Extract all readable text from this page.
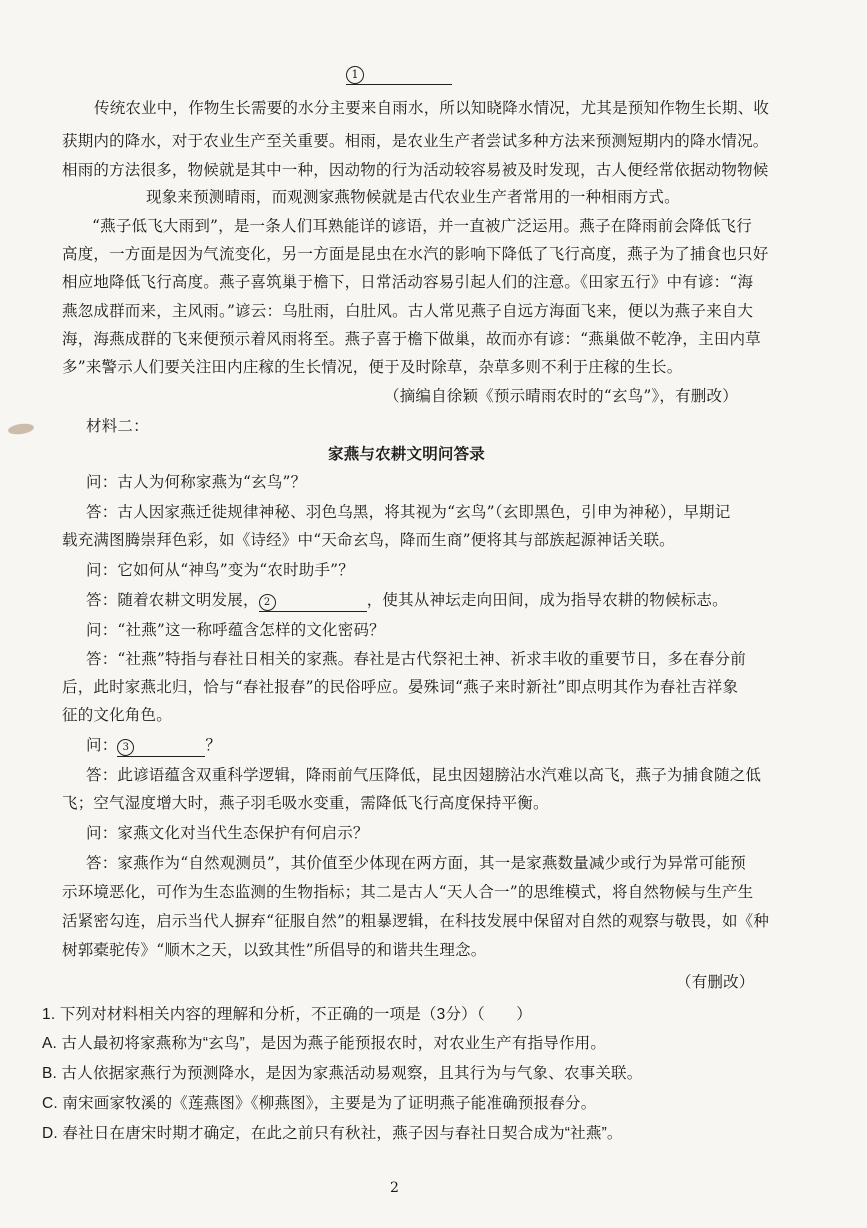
1
传统农业中，作物生长需要的水分主要来自雨水，所以知晓降水情况，尤其是预知作物生长期、收
获期内的降水，对于农业生产至关重要。相雨，是农业生产者尝试多种方法来预测短期内的降水情况。
相雨的方法很多，物候就是其中一种，因动物的行为活动较容易被及时发现，古人便经常依据动物物候
现象来预测晴雨，而观测家燕物候就是古代农业生产者常用的一种相雨方式。
“燕子低飞大雨到”，是一条人们耳熟能详的谚语，并一直被广泛运用。燕子在降雨前会降低飞行
高度，一方面是因为气流变化，另一方面是昆虫在水汽的影响下降低了飞行高度，燕子为了捕食也只好
相应地降低飞行高度。燕子喜筑巢于檐下，日常活动容易引起人们的注意。《田家五行》中有谚：“海
燕忽成群而来，主风雨。”谚云：乌肚雨，白肚风。古人常见燕子自远方海面飞来，便以为燕子来自大
海，海燕成群的飞来便预示着风雨将至。燕子喜于檐下做巢，故而亦有谚：“燕巢做不乾净，主田内草
多”来警示人们要关注田内庄稼的生长情况，便于及时除草，杂草多则不利于庄稼的生长。
（摘编自徐颖《预示晴雨农时的“玄鸟”》，有删改）
材料二：
家燕与农耕文明问答录
问：古人为何称家燕为“玄鸟”？
答：古人因家燕迁徙规律神秘、羽色乌黑，将其视为“玄鸟”（玄即黑色，引申为神秘），早期记
载充满图腾崇拜色彩，如《诗经》中“天命玄鸟，降而生商”便将其与部族起源神话关联。
问：它如何从“神鸟”变为“农时助手”？
答：随着农耕文明发展， 2	，使其从神坛走向田间，成为指导农耕的物候标志。
问：“社燕”这一称呼蕴含怎样的文化密码？
答：“社燕”特指与春社日相关的家燕。春社是古代祭祀土神、祈求丰收的重要节日，多在春分前
后，此时家燕北归，恰与“春社报春”的民俗呼应。晏殊词“燕子来时新社”即点明其作为春社吉祥象
征的文化角色。
问： 3	？
答：此谚语蕴含双重科学逻辑，降雨前气压降低，昆虫因翅膀沾水汽难以高飞，燕子为捕食随之低
飞；空气湿度增大时，燕子羽毛吸水变重，需降低飞行高度保持平衡。
问：家燕文化对当代生态保护有何启示？
答：家燕作为“自然观测员”，其价值至少体现在两方面，其一是家燕数量减少或行为异常可能预
示环境恶化，可作为生态监测的生物指标；其二是古人“天人合一”的思维模式，将自然物候与生产生
活紧密勾连，启示当代人摒弃“征服自然”的粗暴逻辑，在科技发展中保留对自然的观察与敬畏，如《种
树郭橐驼传》“顺木之天，以致其性”所倡导的和谐共生理念。
（有删改）
1. 下列对材料相关内容的理解和分析，不正确的一项是（3分）（　　）
A. 古人最初将家燕称为“玄鸟”，是因为燕子能预报农时，对农业生产有指导作用。
B. 古人依据家燕行为预测降水，是因为家燕活动易观察，且其行为与气象、农事关联。
C. 南宋画家牧溪的《莲燕图》《柳燕图》，主要是为了证明燕子能准确预报春分。
D. 春社日在唐宋时期才确定，在此之前只有秋社，燕子因与春社日契合成为“社燕”。
2
